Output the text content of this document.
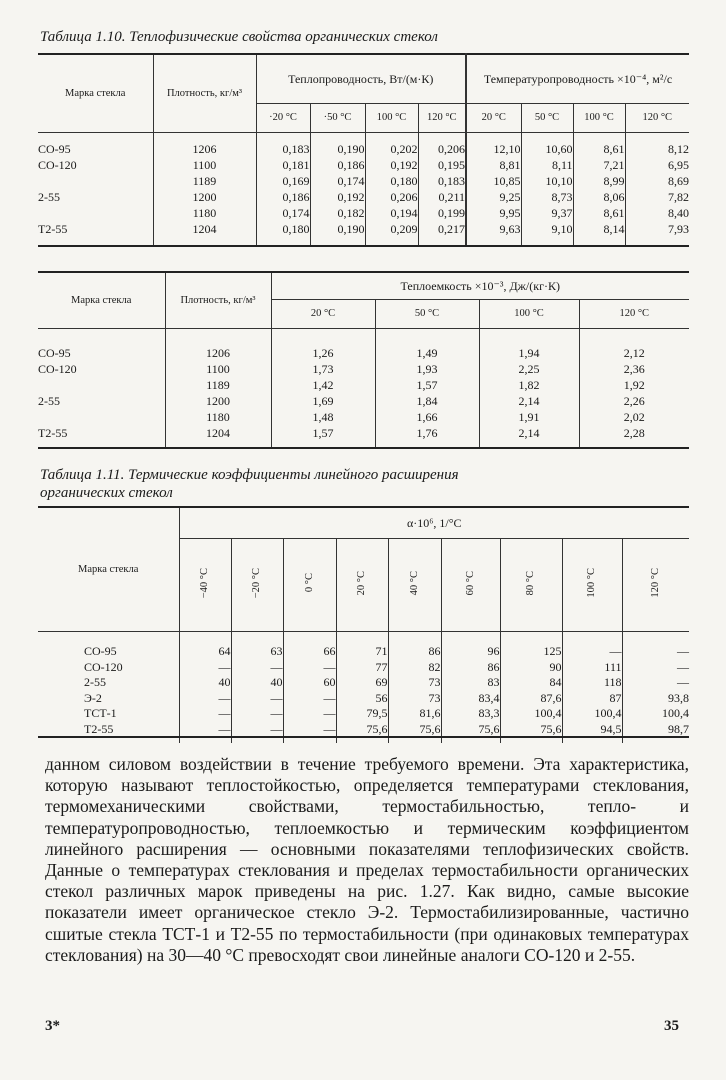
Таблица 1.10. Теплофизические свойства органических стекол
Марка стекла	Плотность, кг/м³	Теплопроводность, Вт/(м·К)				Температуропроводность ×10⁻⁴, м²/с			
		·20 °C	·50 °C	100 °C	120 °C	20 °C	50 °C	100 °C	120 °C
СО-95	1206	0,183	0,190	0,202	0,206	12,10	10,60	8,61	8,12
СО-120	1100	0,181	0,186	0,192	0,195	8,81	8,11	7,21	6,95
	1189	0,169	0,174	0,180	0,183	10,85	10,10	8,99	8,69
2-55	1200	0,186	0,192	0,206	0,211	9,25	8,73	8,06	7,82
	1180	0,174	0,182	0,194	0,199	9,95	9,37	8,61	8,40
Т2-55	1204	0,180	0,190	0,209	0,217	9,63	9,10	8,14	7,93
Марка стекла	Плотность, кг/м³	Теплоемкость ×10⁻³, Дж/(кг·К)			
		20 °C	50 °C	100 °C	120 °C
СО-95	1206	1,26	1,49	1,94	2,12
СО-120	1100	1,73	1,93	2,25	2,36
	1189	1,42	1,57	1,82	1,92
2-55	1200	1,69	1,84	2,14	2,26
	1180	1,48	1,66	1,91	2,02
Т2-55	1204	1,57	1,76	2,14	2,28
Таблица 1.11. Термические коэффициенты линейного расширения
органических стекол
Марка стекла	α·10⁶, 1/°C								
	−40 °C	−20 °C	0 °C	20 °C	40 °C	60 °C	80 °C	100 °C	120 °C
СО-95	64	63	66	71	86	96	125	—	—
СО-120	—	—	—	77	82	86	90	111	—
2-55	40	40	60	69	73	83	84	118	—
Э-2	—	—	—	56	73	83,4	87,6	87	93,8
ТСТ-1	—	—	—	79,5	81,6	83,3	100,4	100,4	100,4
Т2-55	—	—	—	75,6	75,6	75,6	75,6	94,5	98,7

данном силовом воздействии в течение требуемого времени. Эта характеристика, которую называют теплостойкостью, определяется температурами стеклования, термомеханическими свойствами, термостабильностью, тепло- и температуропроводностью, теплоемкостью и термическим коэффициентом линейного расширения — основными показателями теплофизических свойств. Данные о температурах стеклования и пределах термостабильности органических стекол различных марок приведены на рис. 1.27. Как видно, самые высокие показатели имеет органическое стекло Э-2. Термостабилизированные, частично сшитые стекла ТСТ-1 и Т2-55 по термостабильности (при одинаковых температурах стеклования) на 30—40 °C превосходят свои линейные аналоги СО-120 и 2-55.

3*	35
